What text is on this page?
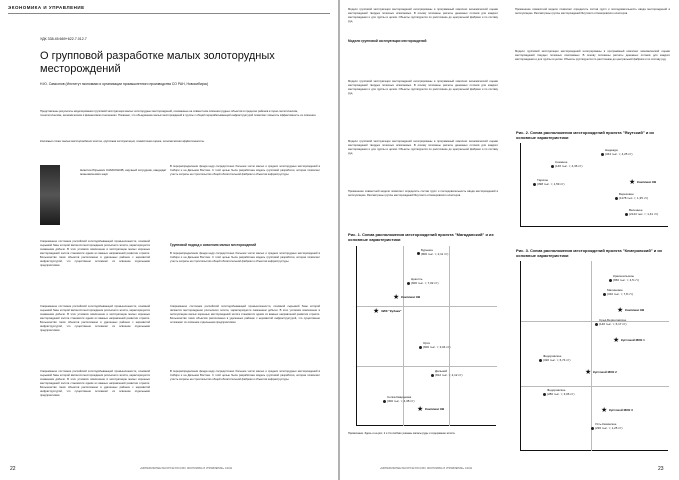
ЭКОНОМИКА И УПРАВЛЕНИЕ
УДК 338.45:669+622.7.012.7
О групповой разработке малых золоторудных месторождений
Н.Ю. Самсонов (Институт экономики и организации промышленного производства СО РАН, Новосибирск)

Представлены результаты моделирования групповой эксплуатации малых золоторудных месторождений, основанные на совместном освоении рудных объектов в пределах районов в горно-геологическом, технологическом, экономическом и финансовом отношениях. Показано, что объединение малых месторождений в группы с общей перерабатывающей инфраструктурой позволяет повысить эффективность их освоения.

Ключевые слова: малые месторождения золота, групповая эксплуатация, совместная оценка, экономическая эффективность.

Никитин Юрьевич САМСОНОВ, научный сотрудник, кандидат экономических наук

Современное состояние российской золотодобывающей промышленности, основной сырьевой базы которой являются месторождения россыпного золота, характеризуется снижением добычи. В этих условиях вовлечение в эксплуатацию малых коренных месторождений золота становится одним из важных направлений развития отрасли. Большинство таких объектов расположено в удаленных районах с неразвитой инфраструктурой, что существенно осложняет их освоение отдельными предприятиями.

Современное состояние российской золотодобывающей промышленности, основной сырьевой базы которой являются месторождения россыпного золота, характеризуется снижением добычи. В этих условиях вовлечение в эксплуатацию малых коренных месторождений золота становится одним из важных направлений развития отрасли. Большинство таких объектов расположено в удаленных районах с неразвитой инфраструктурой, что существенно осложняет их освоение отдельными предприятиями.

Современное состояние российской золотодобывающей промышленности, основной сырьевой базы которой являются месторождения россыпного золота, характеризуется снижением добычи. В этих условиях вовлечение в эксплуатацию малых коренных месторождений золота становится одним из важных направлений развития отрасли. Большинство таких объектов расположено в удаленных районах с неразвитой инфраструктурой, что существенно осложняет их освоение отдельными предприятиями.

В перераспределении фонда недр сосредоточено большое число малых и средних золоторудных месторождений в Сибири и на Дальнем Востоке. С этой целью была разработана модель групповой разработки, которая позволяет учесть затраты на строительство общей обогатительной фабрики и объектов инфраструктуры.

Групповой подход к освоению малых месторождений

В перераспределении фонда недр сосредоточено большое число малых и средних золоторудных месторождений в Сибири и на Дальнем Востоке. С этой целью была разработана модель групповой разработки, которая позволяет учесть затраты на строительство общей обогатительной фабрики и объектов инфраструктуры.

Современное состояние российской золотодобывающей промышленности, основной сырьевой базы которой являются месторождения россыпного золота, характеризуется снижением добычи. В этих условиях вовлечение в эксплуатацию малых коренных месторождений золота становится одним из важных направлений развития отрасли. Большинство таких объектов расположено в удаленных районах с неразвитой инфраструктурой, что существенно осложняет их освоение отдельными предприятиями.

В перераспределении фонда недр сосредоточено большое число малых и средних золоторудных месторождений в Сибири и на Дальнем Востоке. С этой целью была разработана модель групповой разработки, которая позволяет учесть затраты на строительство общей обогатительной фабрики и объектов инфраструктуры.

22	«МИНЕРАЛЬНЫЕ РЕСУРСЫ РОССИИ. ЭКОНОМИКА И УПРАВЛЕНИЕ» 1/2011
Модели групповой эксплуатации месторождений

Модели групповой эксплуатации месторождений интегрированы в программный комплекс экономической оценки месторождений твердых полезных ископаемых. В основу положены расчеты денежных потоков для каждого месторождения и для группы в целом. Объекты группируются по расстоянию до центральной фабрики и по составу руд.

Модели групповой эксплуатации месторождений интегрированы в программный комплекс экономической оценки месторождений твердых полезных ископаемых. В основу положены расчеты денежных потоков для каждого месторождения и для группы в целом. Объекты группируются по расстоянию до центральной фабрики и по составу руд.

Модели групповой эксплуатации месторождений интегрированы в программный комплекс экономической оценки месторождений твердых полезных ископаемых. В основу положены расчеты денежных потоков для каждого месторождения и для группы в целом. Объекты группируются по расстоянию до центральной фабрики и по составу руд.

Применение совместной модели позволяет определить состав групп и последовательность ввода месторождений в эксплуатацию. Рассмотрены группы месторождений Якутского и Кемеровского кластеров.

Применение совместной модели позволяет определить состав групп и последовательность ввода месторождений в эксплуатацию. Рассмотрены группы месторождений Якутского и Кемеровского кластеров.

Модели групповой эксплуатации месторождений интегрированы в программный комплекс экономической оценки месторождений твердых полезных ископаемых. В основу положены расчеты денежных потоков для каждого месторождения и для группы в целом. Объекты группируются по расстоянию до центральной фабрики и по составу руд.

Рис. 1. Схема расположения месторождений проекта "Магаданский" и их основные характеристики
Бурыкон
(800 тыс. т; 2,11 г/т)
Цокотпь
(600 тыс. т; 7,02 г/т)
★ Комплекс КВ
★ ЗИФ "Кубака"
Ороч
(600 тыс. т; 3,04 г/т)
Дальний
(812 тыс. т; 2,12 г/т)
Сопка Кварцевая
(300 тыс. т; 4,38 г/т)
★ Комплекс КВ
Примечание. Здесь и на рис. 2 и 3 в скобках указаны запасы руды и содержание золота.
Рис. 2. Схема расположения месторождений проекта "Якутский" и их основные характеристики
Надежда
(344 тыс. т; 4,25 г/т)
Снежное
(146 тыс. т; 4,36 г/т)
★ Комплекс КВ
Тарское
(398 тыс. т; 1,59 г/т)
Березовое
(1178 тыс. т; 1,35 г/т)
Весеннее
(2144 тыс. т; 1,41 г/т)
Рис. 3. Схема расположения месторождений проекта "Кемеровский" и их основные характеристики
Красноильское
(650 тыс. т; 4,5 г/т)
Малиновое
(310 тыс. т; 7,8 г/т)
★ Комплекс КВ
Сред-Беринговское
(140 тыс. т; 6,17 г/т)
★ Кустовой МОК 1
Федоровское
(320 тыс. т; 6,74 г/т)
★ Кустовой МОК 2
Федоровское
(280 тыс. т; 3,06 г/т)
★ Кустовой МОК 3
Усть-Казинское
(230 тыс. т; 1,25 г/т)
«МИНЕРАЛЬНЫЕ РЕСУРСЫ РОССИИ. ЭКОНОМИКА И УПРАВЛЕНИЕ» 1/2011	23
